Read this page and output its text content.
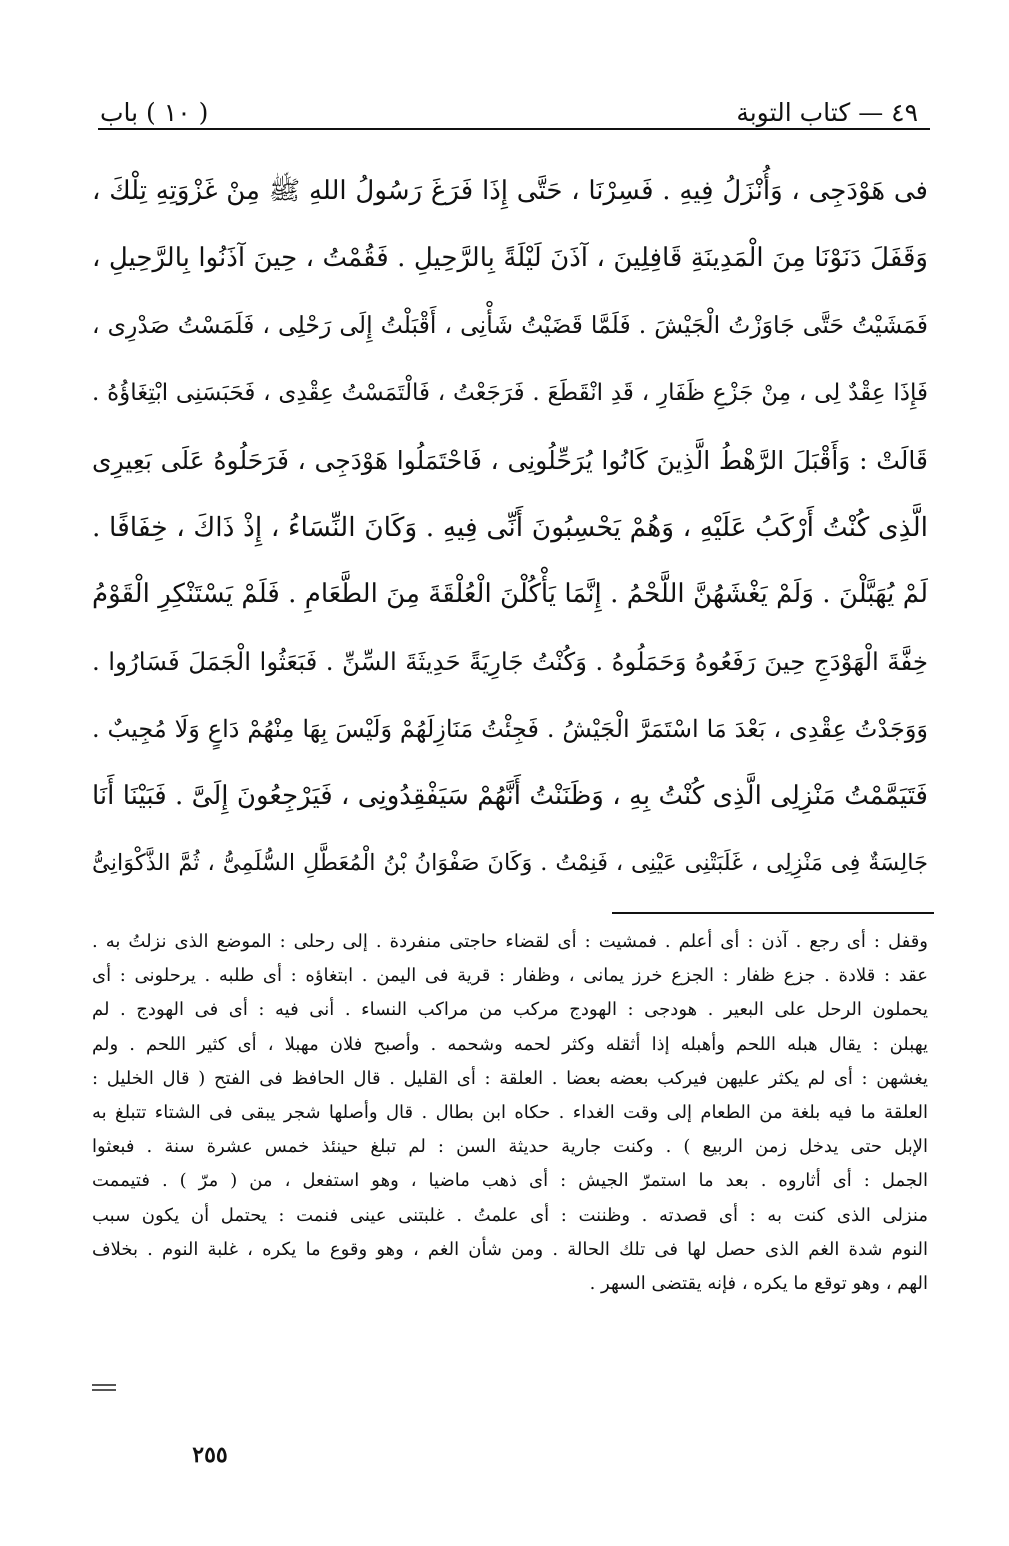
٤٩ — كتاب التوبة
( ١٠ ) باب
فى هَوْدَجِى ، وَأُنْزَلُ فِيهِ . فَسِرْنَا ، حَتَّى إِذَا فَرَغَ رَسُولُ اللهِ ﷺ مِنْ غَزْوَتِهِ تِلْكَ ،
وَقَفَلَ دَنَوْنَا مِنَ الْمَدِينَةِ قَافِلِينَ ، آذَنَ لَيْلَةً بِالرَّحِيلِ . فَقُمْتُ ، حِينَ آذَنُوا بِالرَّحِيلِ ،
فَمَشَيْتُ حَتَّى جَاوَزْتُ الْجَيْشَ . فَلَمَّا قَضَيْتُ شَأْنِى ، أَقْبَلْتُ إِلَى رَحْلِى ، فَلَمَسْتُ صَدْرِى ،
فَإِذَا عِقْدٌ لِى ، مِنْ جَزْعِ ظَفَارِ ، قَدِ انْقَطَعَ . فَرَجَعْتُ ، فَالْتَمَسْتُ عِقْدِى ، فَحَبَسَنِى ابْتِغَاؤُهُ .
قَالَتْ : وَأَقْبَلَ الرَّهْطُ الَّذِينَ كَانُوا يُرَحِّلُونِى ، فَاحْتَمَلُوا هَوْدَجِى ، فَرَحَلُوهُ عَلَى بَعِيرِى
الَّذِى كُنْتُ أَرْكَبُ عَلَيْهِ ، وَهُمْ يَحْسِبُونَ أَنِّى فِيهِ . وَكَانَ النِّسَاءُ ، إِذْ ذَاكَ ، خِفَافًا .
لَمْ يُهَبَّلْنَ . وَلَمْ يَغْشَهُنَّ اللَّحْمُ . إِنَّمَا يَأْكُلْنَ الْعُلْقَةَ مِنَ الطَّعَامِ . فَلَمْ يَسْتَنْكِرِ الْقَوْمُ
خِفَّةَ الْهَوْدَجِ حِينَ رَفَعُوهُ وَحَمَلُوهُ . وَكُنْتُ جَارِيَةً حَدِيثَةَ السِّنِّ . فَبَعَثُوا الْجَمَلَ فَسَارُوا .
وَوَجَدْتُ عِقْدِى ، بَعْدَ مَا اسْتَمَرَّ الْجَيْشُ . فَجِئْتُ مَنَازِلَهُمْ وَلَيْسَ بِهَا مِنْهُمْ دَاعٍ وَلَا مُجِيبٌ .
فَتَيَمَّمْتُ مَنْزِلِى الَّذِى كُنْتُ بِهِ ، وَظَنَنْتُ أَنَّهُمْ سَيَفْقِدُونِى ، فَيَرْجِعُونَ إِلَىَّ . فَبَيْنَا أَنَا
جَالِسَةٌ فِى مَنْزِلِى ، غَلَبَتْنِى عَيْنِى ، فَنِمْتُ . وَكَانَ صَفْوَانُ بْنُ الْمُعَطَّلِ السُّلَمِىُّ ، ثُمَّ الذَّكْوَانِىُّ
وقفل : أى رجع . آذن : أى أعلم . فمشيت : أى لقضاء حاجتى منفردة . إلى رحلى : الموضع الذى نزلتُ به .
عقد : قلادة . جزع ظفار : الجزع خرز يمانى ، وظفار : قرية فى اليمن . ابتغاؤه : أى طلبه . يرحلونى : أى
يحملون الرحل على البعير . هودجى : الهودج مركب من مراكب النساء . أنى فيه : أى فى الهودج . لم
يهبلن : يقال هبله اللحم وأهبله إذا أثقله وكثر لحمه وشحمه . وأصبح فلان مهبلا ، أى كثير اللحم . ولم
يغشهن : أى لم يكثر عليهن فيركب بعضه بعضا . العلقة : أى القليل . قال الحافظ فى الفتح ( قال الخليل :
العلقة ما فيه بلغة من الطعام إلى وقت الغداء . حكاه ابن بطال . قال وأصلها شجر يبقى فى الشتاء تتبلغ به
الإبل حتى يدخل زمن الربيع ) . وكنت جارية حديثة السن : لم تبلغ حينئذ خمس عشرة سنة . فبعثوا
الجمل : أى أثاروه . بعد ما استمرّ الجيش : أى ذهب ماضيا ، وهو استفعل ، من ( مرّ ) . فتيممت
منزلى الذى كنت به : أى قصدته . وظننت : أى علمتُ . غلبتنى عينى فنمت : يحتمل أن يكون سبب
النوم شدة الغم الذى حصل لها فى تلك الحالة . ومن شأن الغم ، وهو وقوع ما يكره ، غلبة النوم . بخلاف
الهم ، وهو توقع ما يكره ، فإنه يقتضى السهر .
٢٥٥
